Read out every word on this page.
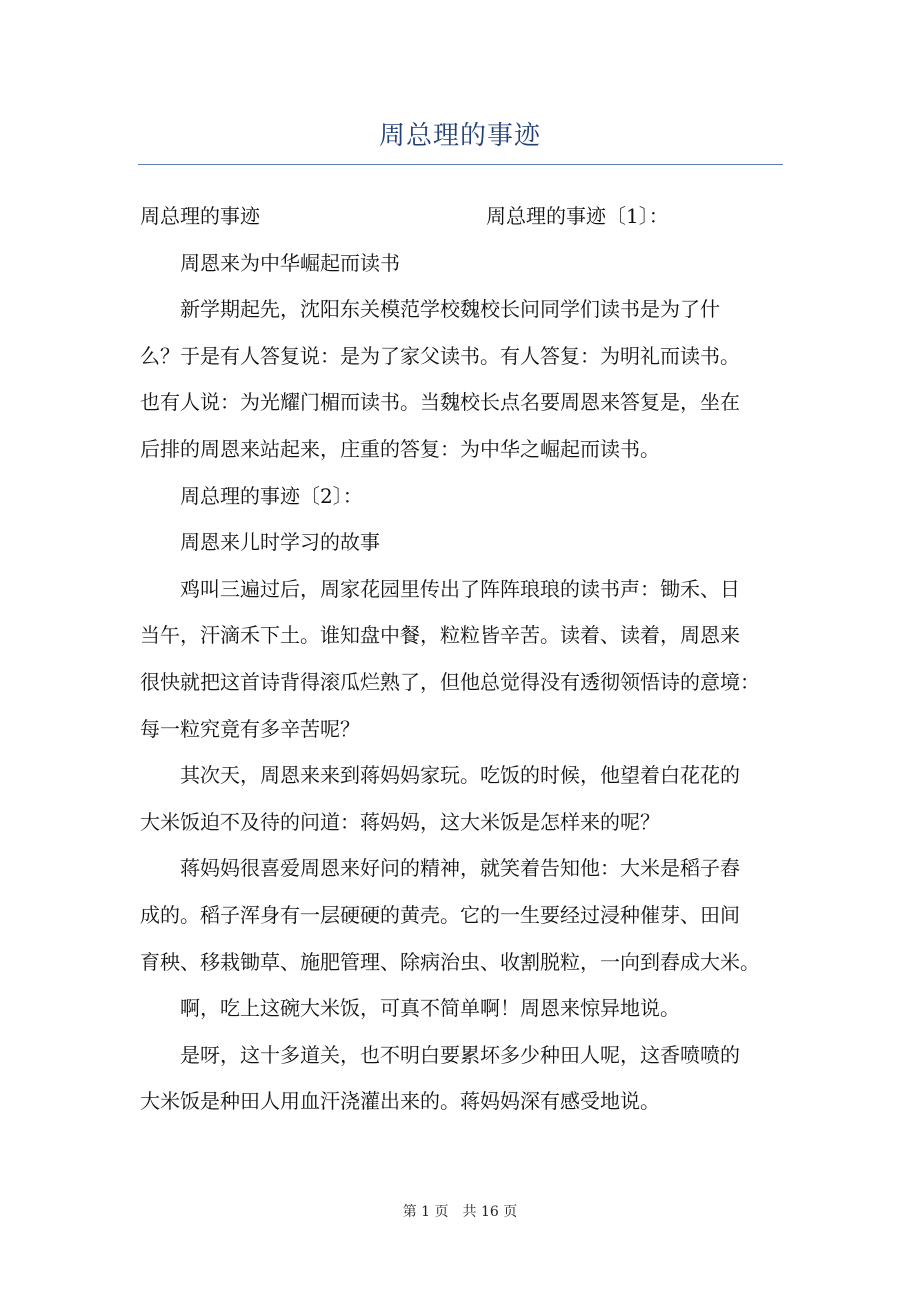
周总理的事迹
周总理的事迹	周总理的事迹〔1〕：
周恩来为中华崛起而读书
新学期起先，沈阳东关模范学校魏校长问同学们读书是为了什
么？于是有人答复说：是为了家父读书。有人答复：为明礼而读书。
也有人说：为光耀门楣而读书。当魏校长点名要周恩来答复是，坐在
后排的周恩来站起来，庄重的答复：为中华之崛起而读书。
周总理的事迹〔2〕：
周恩来儿时学习的故事
鸡叫三遍过后，周家花园里传出了阵阵琅琅的读书声：锄禾、日
当午，汗滴禾下土。谁知盘中餐，粒粒皆辛苦。读着、读着，周恩来
很快就把这首诗背得滚瓜烂熟了，但他总觉得没有透彻领悟诗的意境：
每一粒究竟有多辛苦呢？
其次天，周恩来来到蒋妈妈家玩。吃饭的时候，他望着白花花的
大米饭迫不及待的问道：蒋妈妈，这大米饭是怎样来的呢？
蒋妈妈很喜爱周恩来好问的精神，就笑着告知他：大米是稻子舂
成的。稻子浑身有一层硬硬的黄壳。它的一生要经过浸种催芽、田间
育秧、移栽锄草、施肥管理、除病治虫、收割脱粒，一向到舂成大米。
啊，吃上这碗大米饭，可真不简单啊！周恩来惊异地说。
是呀，这十多道关，也不明白要累坏多少种田人呢，这香喷喷的
大米饭是种田人用血汗浇灌出来的。蒋妈妈深有感受地说。
第 1 页　共 16 页
